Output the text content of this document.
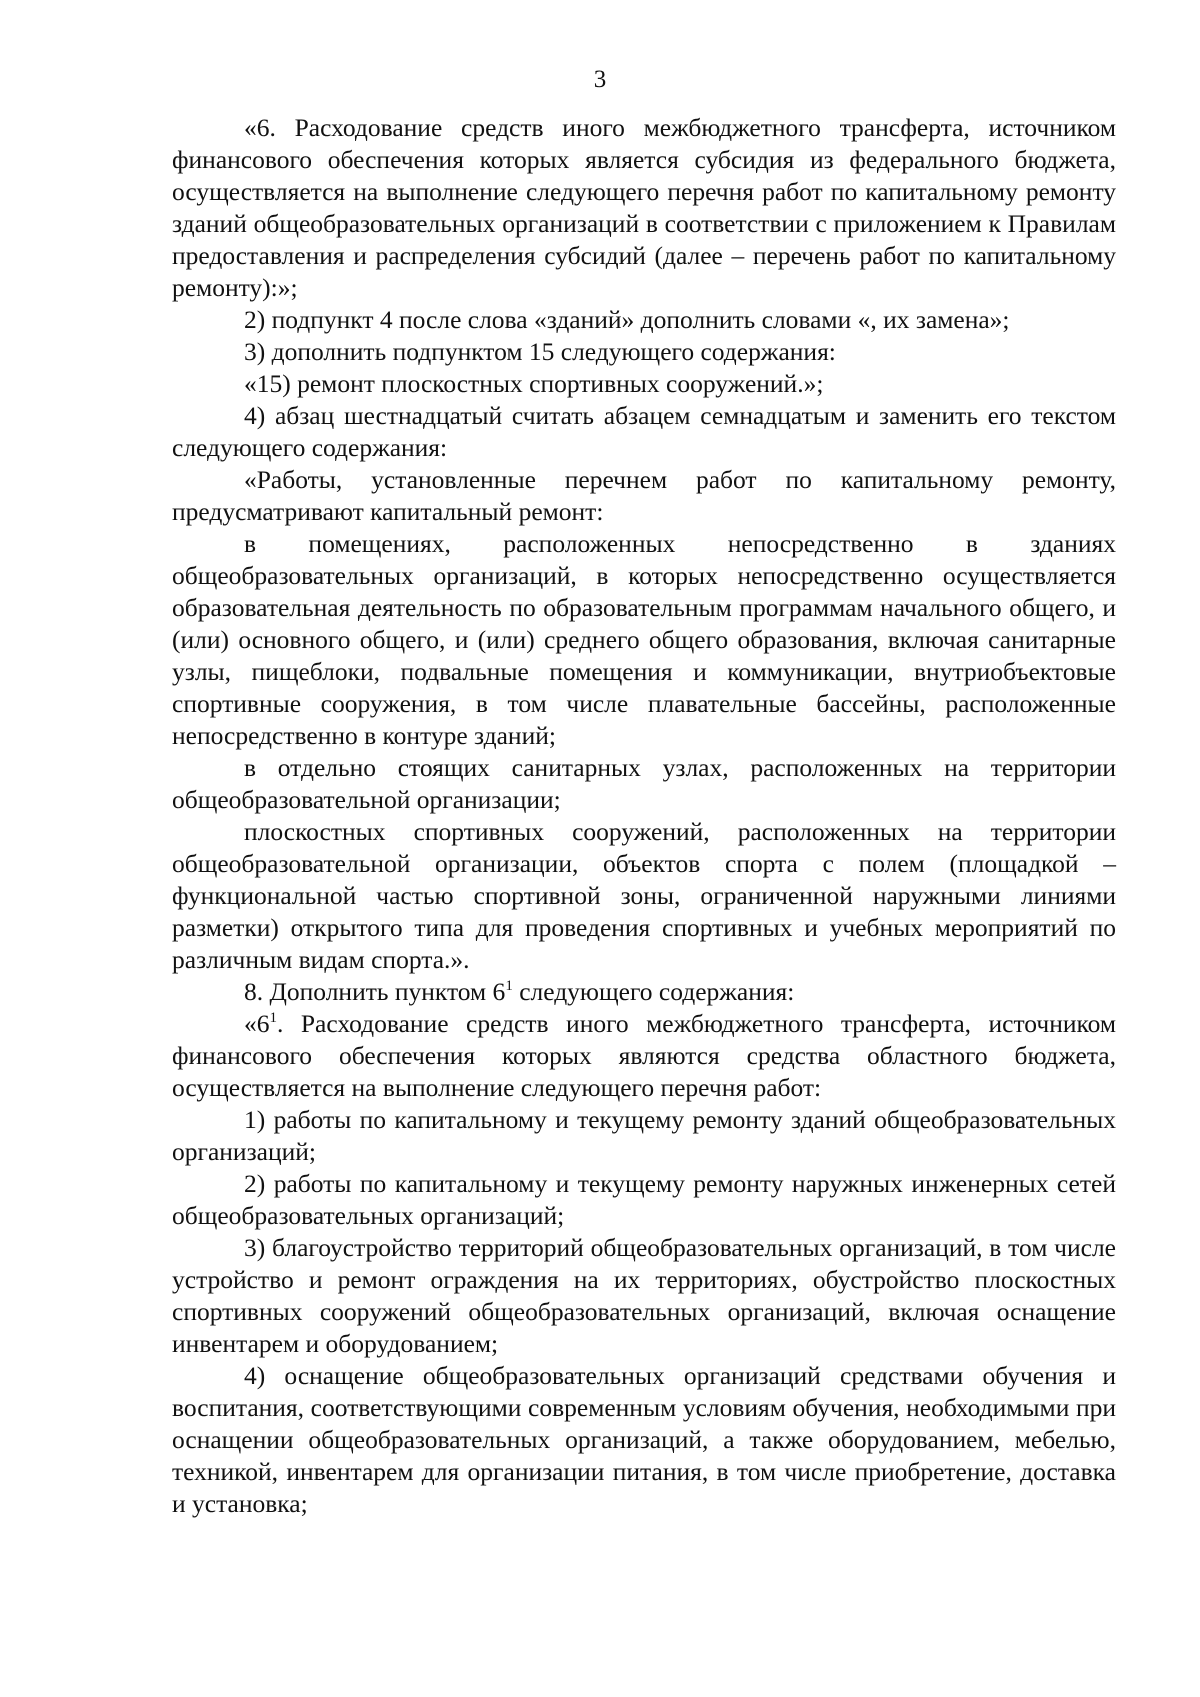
3

«6. Расходование средств иного межбюджетного трансферта, источником финансового обеспечения которых является субсидия из федерального бюджета, осуществляется на выполнение следующего перечня работ по капитальному ремонту зданий общеобразовательных организаций в соответствии с приложением к Правилам предоставления и распределения субсидий (далее – перечень работ по капитальному ремонту):»;

2) подпункт 4 после слова «зданий» дополнить словами «, их замена»;

3) дополнить подпунктом 15 следующего содержания:

«15) ремонт плоскостных спортивных сооружений.»;

4) абзац шестнадцатый считать абзацем семнадцатым и заменить его текстом следующего содержания:

«Работы, установленные перечнем работ по капитальному ремонту, предусматривают капитальный ремонт:

в помещениях, расположенных непосредственно в зданиях общеобразовательных организаций, в которых непосредственно осуществляется образовательная деятельность по образовательным программам начального общего, и (или) основного общего, и (или) среднего общего образования, включая санитарные узлы, пищеблоки, подвальные помещения и коммуникации, внутриобъектовые спортивные сооружения, в том числе плавательные бассейны, расположенные непосредственно в контуре зданий;

в отдельно стоящих санитарных узлах, расположенных на территории общеобразовательной организации;

плоскостных спортивных сооружений, расположенных на территории общеобразовательной организации, объектов спорта с полем (площадкой – функциональной частью спортивной зоны, ограниченной наружными линиями разметки) открытого типа для проведения спортивных и учебных мероприятий по различным видам спорта.».

8. Дополнить пунктом $6^1$ следующего содержания:

«$6^1$. Расходование средств иного межбюджетного трансферта, источником финансового обеспечения которых являются средства областного бюджета, осуществляется на выполнение следующего перечня работ:

1) работы по капитальному и текущему ремонту зданий общеобразовательных организаций;

2) работы по капитальному и текущему ремонту наружных инженерных сетей общеобразовательных организаций;

3) благоустройство территорий общеобразовательных организаций, в том числе устройство и ремонт ограждения на их территориях, обустройство плоскостных спортивных сооружений общеобразовательных организаций, включая оснащение инвентарем и оборудованием;

4) оснащение общеобразовательных организаций средствами обучения и воспитания, соответствующими современным условиям обучения, необходимыми при оснащении общеобразовательных организаций, а также оборудованием, мебелью, техникой, инвентарем для организации питания, в том числе приобретение, доставка и установка;
